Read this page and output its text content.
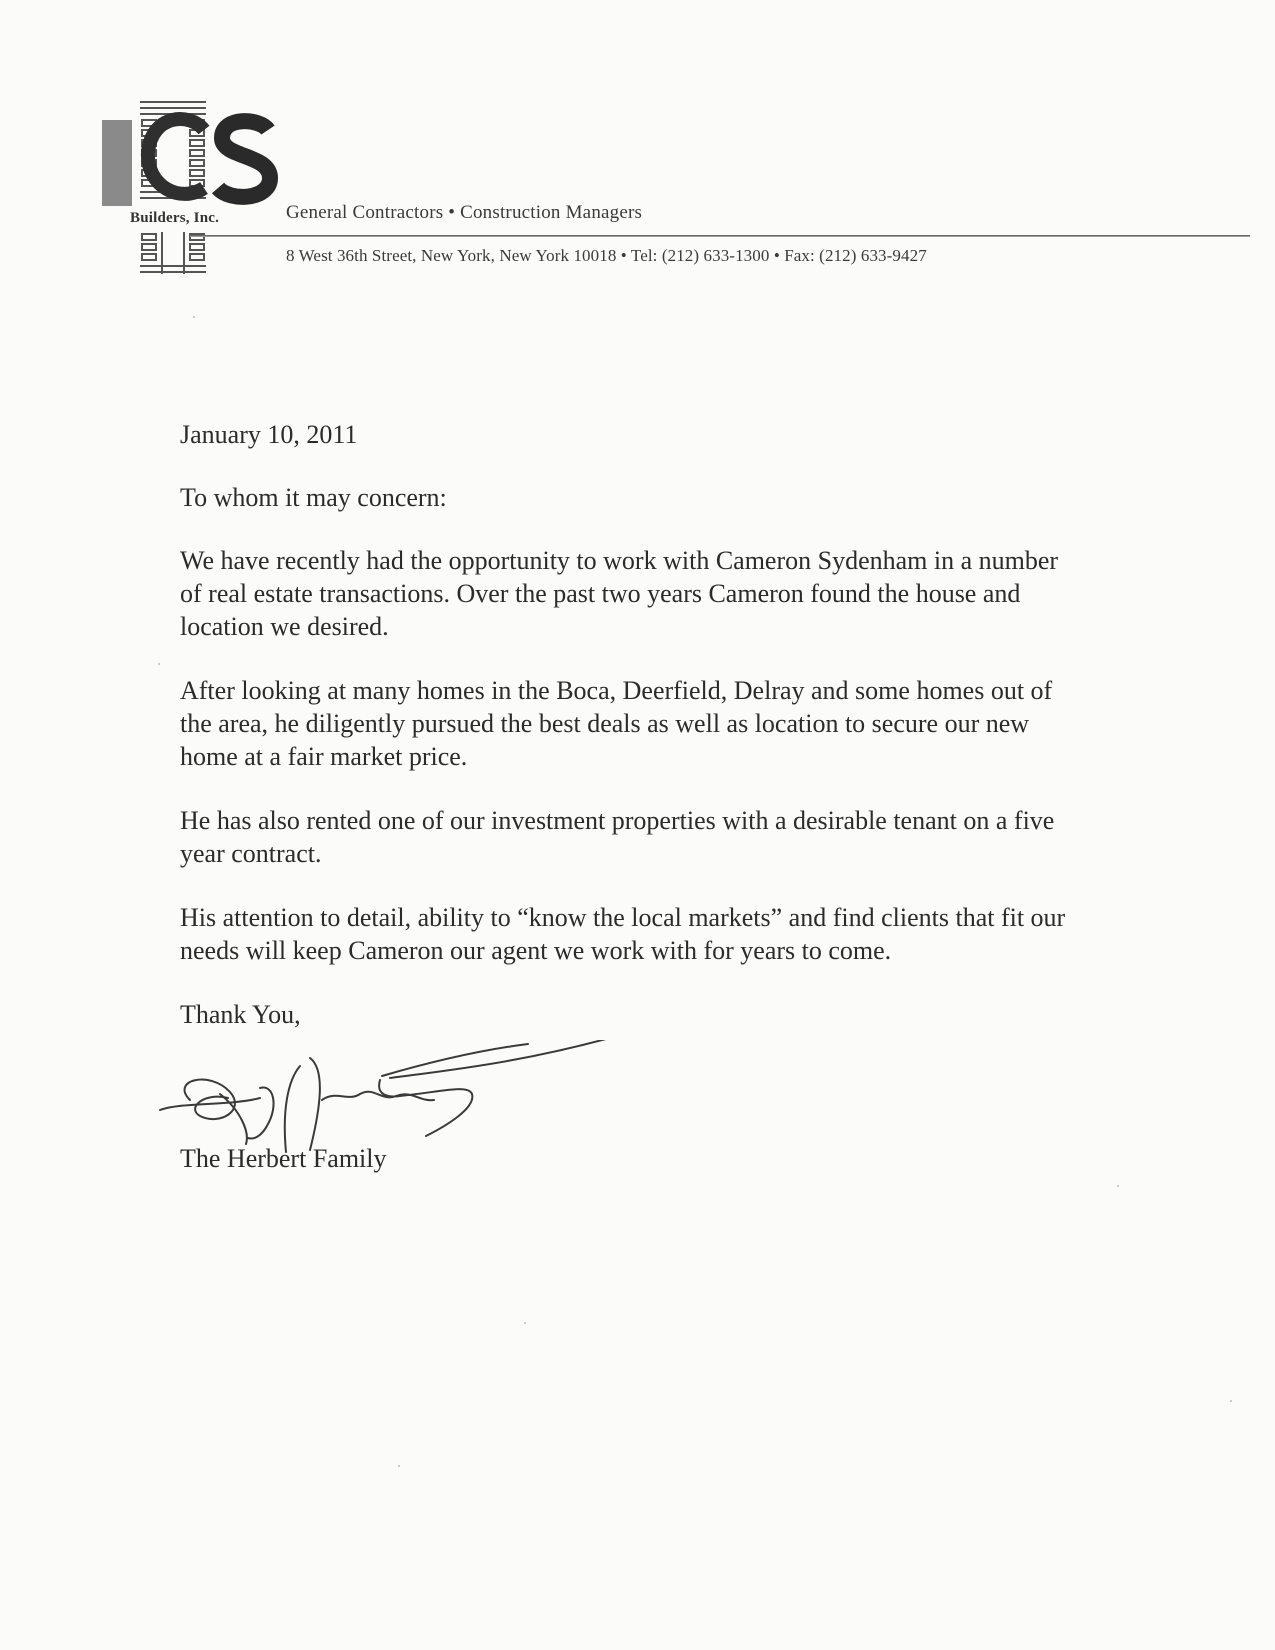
Builders, Inc.	General Contractors • Construction Managers
8 West 36th Street, New York, New York 10018 • Tel: (212) 633-1300 • Fax: (212) 633-9427

January 10, 2011

To whom it may concern:

We have recently had the opportunity to work with Cameron Sydenham in a number of real estate transactions. Over the past two years Cameron found the house and location we desired.

After looking at many homes in the Boca, Deerfield, Delray and some homes out of the area, he diligently pursued the best deals as well as location to secure our new home at a fair market price.

He has also rented one of our investment properties with a desirable tenant on a five year contract.

His attention to detail, ability to “know the local markets” and find clients that fit our needs will keep Cameron our agent we work with for years to come.

Thank You,

The Herbert Family
